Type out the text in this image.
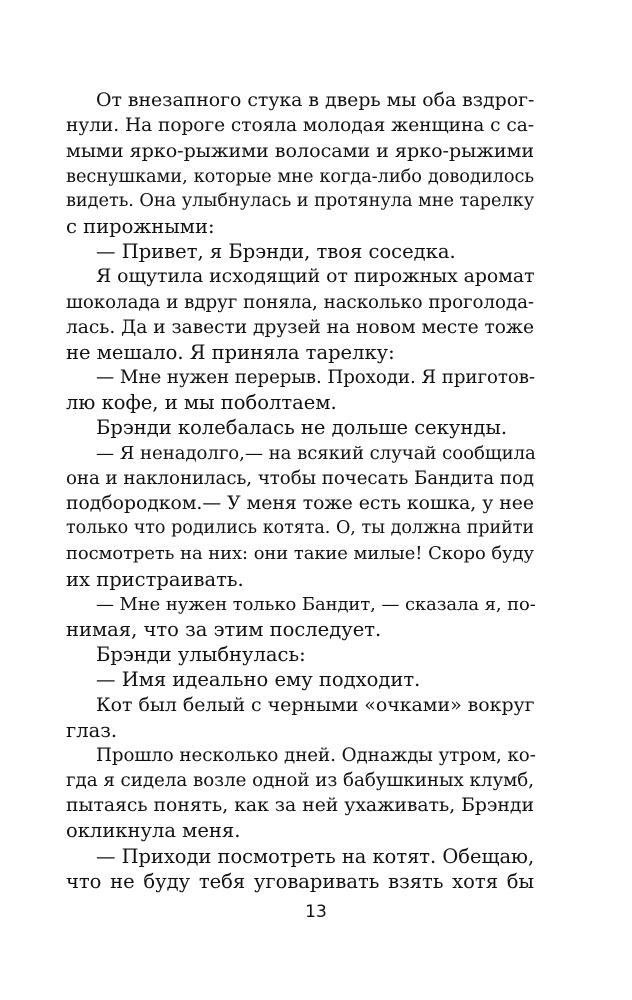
От внезапного стука в дверь мы оба вздрог-
нули. На пороге стояла молодая женщина с са-
мыми ярко-рыжими волосами и ярко-рыжими
веснушками, которые мне когда-либо доводилось
видеть. Она улыбнулась и протянула мне тарелку
с пирожными:
— Привет, я Брэнди, твоя соседка.
Я ощутила исходящий от пирожных аромат
шоколада и вдруг поняла, насколько проголода-
лась. Да и завести друзей на новом месте тоже
не мешало. Я приняла тарелку:
— Мне нужен перерыв. Проходи. Я приготов-
лю кофе, и мы поболтаем.
Брэнди колебалась не дольше секунды.
— Я ненадолго,— на всякий случай сообщила
она и наклонилась, чтобы почесать Бандита под
подбородком.— У меня тоже есть кошка, у нее
только что родились котята. О, ты должна прийти
посмотреть на них: они такие милые! Скоро буду
их пристраивать.
— Мне нужен только Бандит, — сказала я, по-
нимая, что за этим последует.
Брэнди улыбнулась:
— Имя идеально ему подходит.
Кот был белый с черными «очками» вокруг
глаз.
Прошло несколько дней. Однажды утром, ко-
гда я сидела возле одной из бабушкиных клумб,
пытаясь понять, как за ней ухаживать, Брэнди
окликнула меня.
— Приходи посмотреть на котят. Обещаю,
что не буду тебя уговаривать взять хотя бы
13
